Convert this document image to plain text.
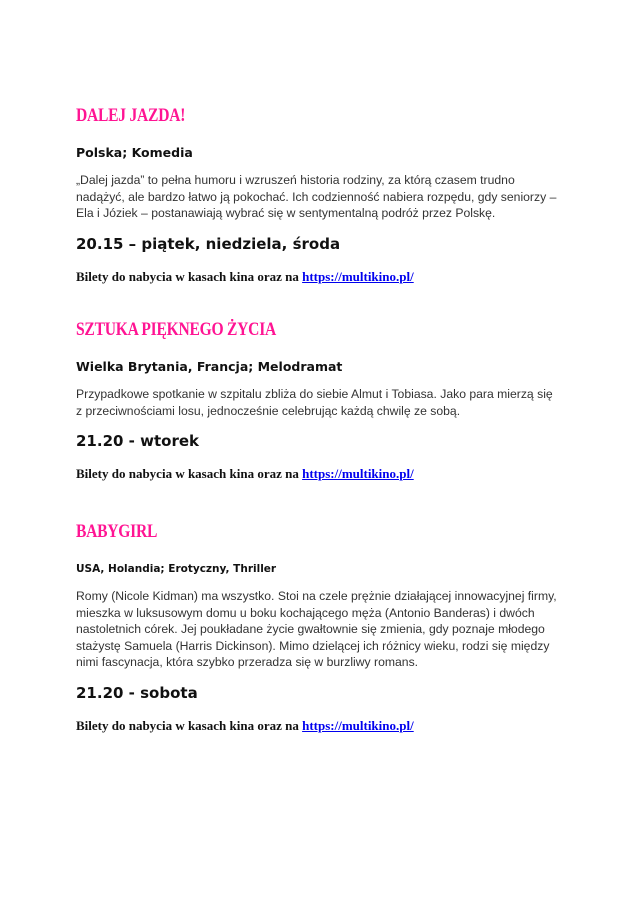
DALEJ JAZDA!

Polska; Komedia

„Dalej jazda” to pełna humoru i wzruszeń historia rodziny, za którą czasem trudno nadążyć, ale bardzo łatwo ją pokochać. Ich codzienność nabiera rozpędu, gdy seniorzy – Ela i Józiek – postanawiają wybrać się w sentymentalną podróż przez Polskę.

20.15 – piątek, niedziela, środa

Bilety do nabycia w kasach kina oraz na https://multikino.pl/

SZTUKA PIĘKNEGO ŻYCIA

Wielka Brytania, Francja; Melodramat

Przypadkowe spotkanie w szpitalu zbliża do siebie Almut i Tobiasa. Jako para mierzą się z przeciwnościami losu, jednocześnie celebrując każdą chwilę ze sobą.

21.20 - wtorek

Bilety do nabycia w kasach kina oraz na https://multikino.pl/

BABYGIRL

USA, Holandia; Erotyczny, Thriller

Romy (Nicole Kidman) ma wszystko. Stoi na czele prężnie działającej innowacyjnej firmy, mieszka w luksusowym domu u boku kochającego męża (Antonio Banderas) i dwóch nastoletnich córek. Jej poukładane życie gwałtownie się zmienia, gdy poznaje młodego stażystę Samuela (Harris Dickinson). Mimo dzielącej ich różnicy wieku, rodzi się między nimi fascynacja, która szybko przeradza się w burzliwy romans.

21.20 - sobota

Bilety do nabycia w kasach kina oraz na https://multikino.pl/
